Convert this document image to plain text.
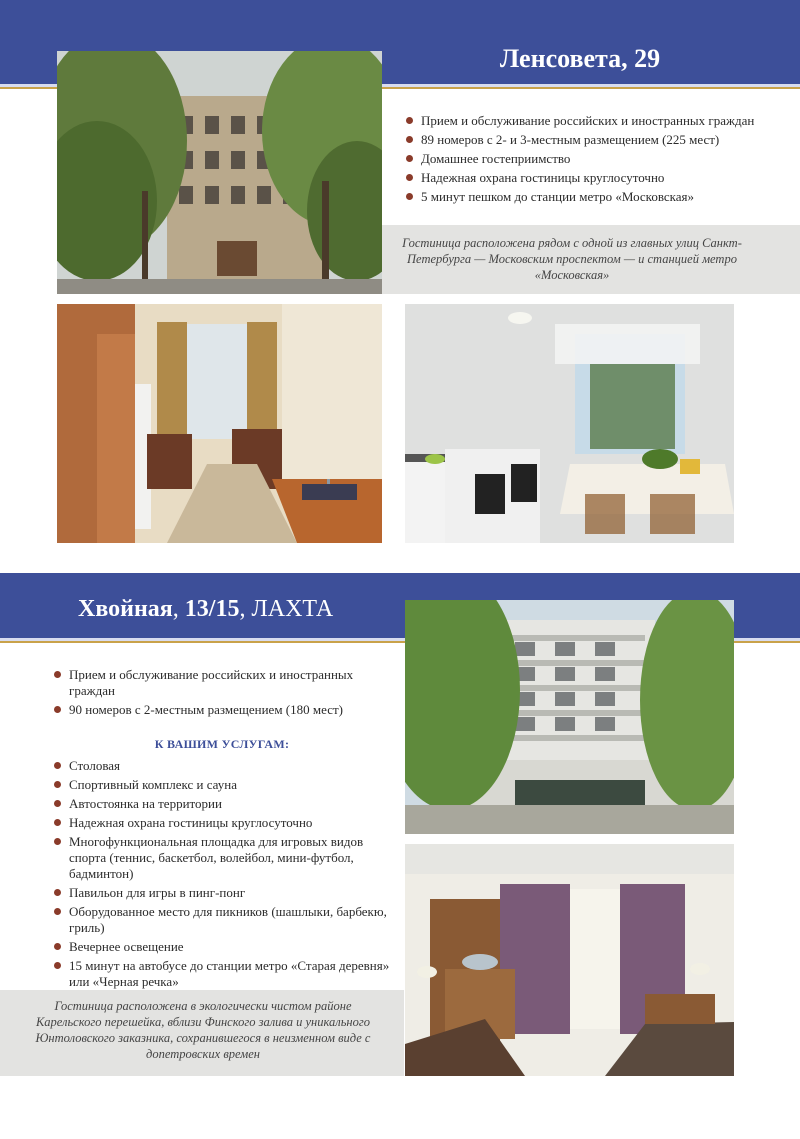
Ленсовета, 29
Прием и обслуживание российских и иностранных граждан
89 номеров с 2- и 3-местным размещением (225 мест)
Домашнее гостеприимство
Надежная охрана гостиницы круглосуточно
5 минут пешком до станции метро «Московская»
Гостиница расположена рядом с одной из главных улиц Санкт-Петербурга — Московским проспектом — и станцией метро «Московская»
Хвойная, 13/15, ЛАХТА
Прием и обслуживание российских и иностранных граждан
90 номеров с 2-местным размещением (180 мест)
К ВАШИМ УСЛУГАМ:
Столовая
Спортивный комплекс и сауна
Автостоянка на территории
Надежная охрана гостиницы круглосуточно
Многофункциональная площадка для игровых видов спорта (теннис, баскетбол, волейбол, мини-футбол, бадминтон)
Павильон для игры в пинг-понг
Оборудованное место для пикников (шашлыки, барбекю, гриль)
Вечернее освещение
15 минут на автобусе до станции метро «Старая деревня» или «Черная речка»
Гостиница расположена в экологически чистом районе Карельского перешейка, вблизи Финского залива и уникального Юнтоловского заказника, сохранившегося в неизменном виде с допетровских времен
